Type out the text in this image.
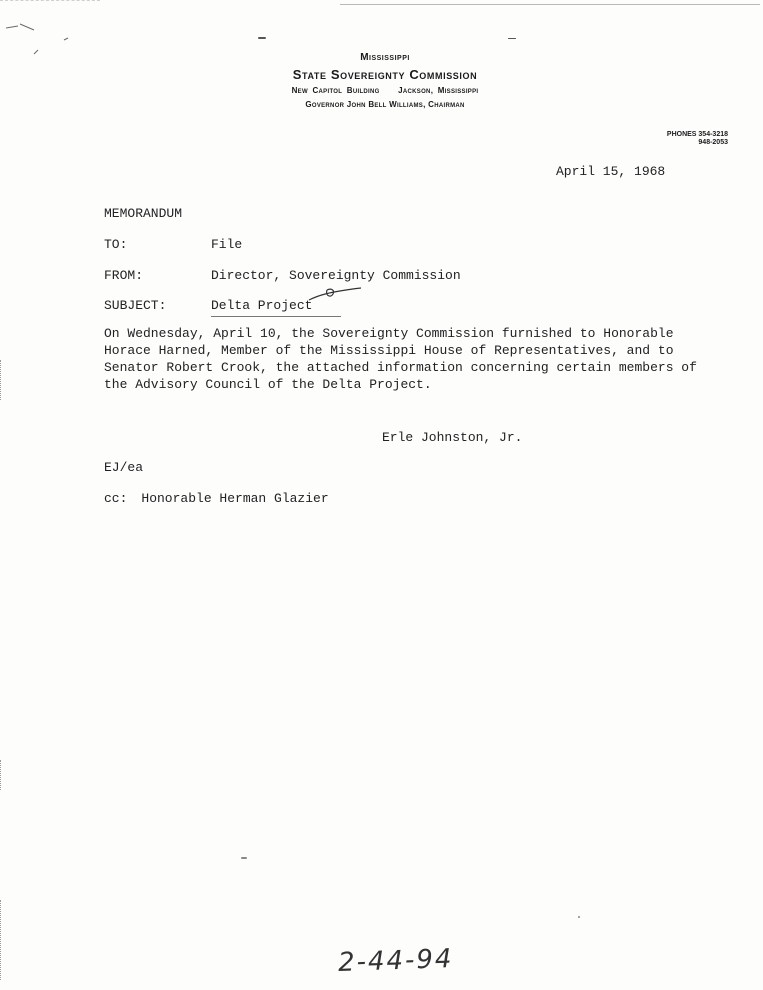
Mississippi
State Sovereignty Commission
New Capitol Building Jackson, Mississippi
Governor John Bell Williams, Chairman
PHONES 354-3218
948-2053
April 15, 1968
MEMORANDUM
TO:	File
FROM:	Director, Sovereignty Commission
SUBJECT:	Delta Project
On Wednesday, April 10, the Sovereignty Commission furnished to Honorable
Horace Harned, Member of the Mississippi House of Representatives, and to
Senator Robert Crook, the attached information concerning certain members of
the Advisory Council of the Delta Project.
Erle Johnston, Jr.
EJ/ea
cc: Honorable Herman Glazier
2-44-94
